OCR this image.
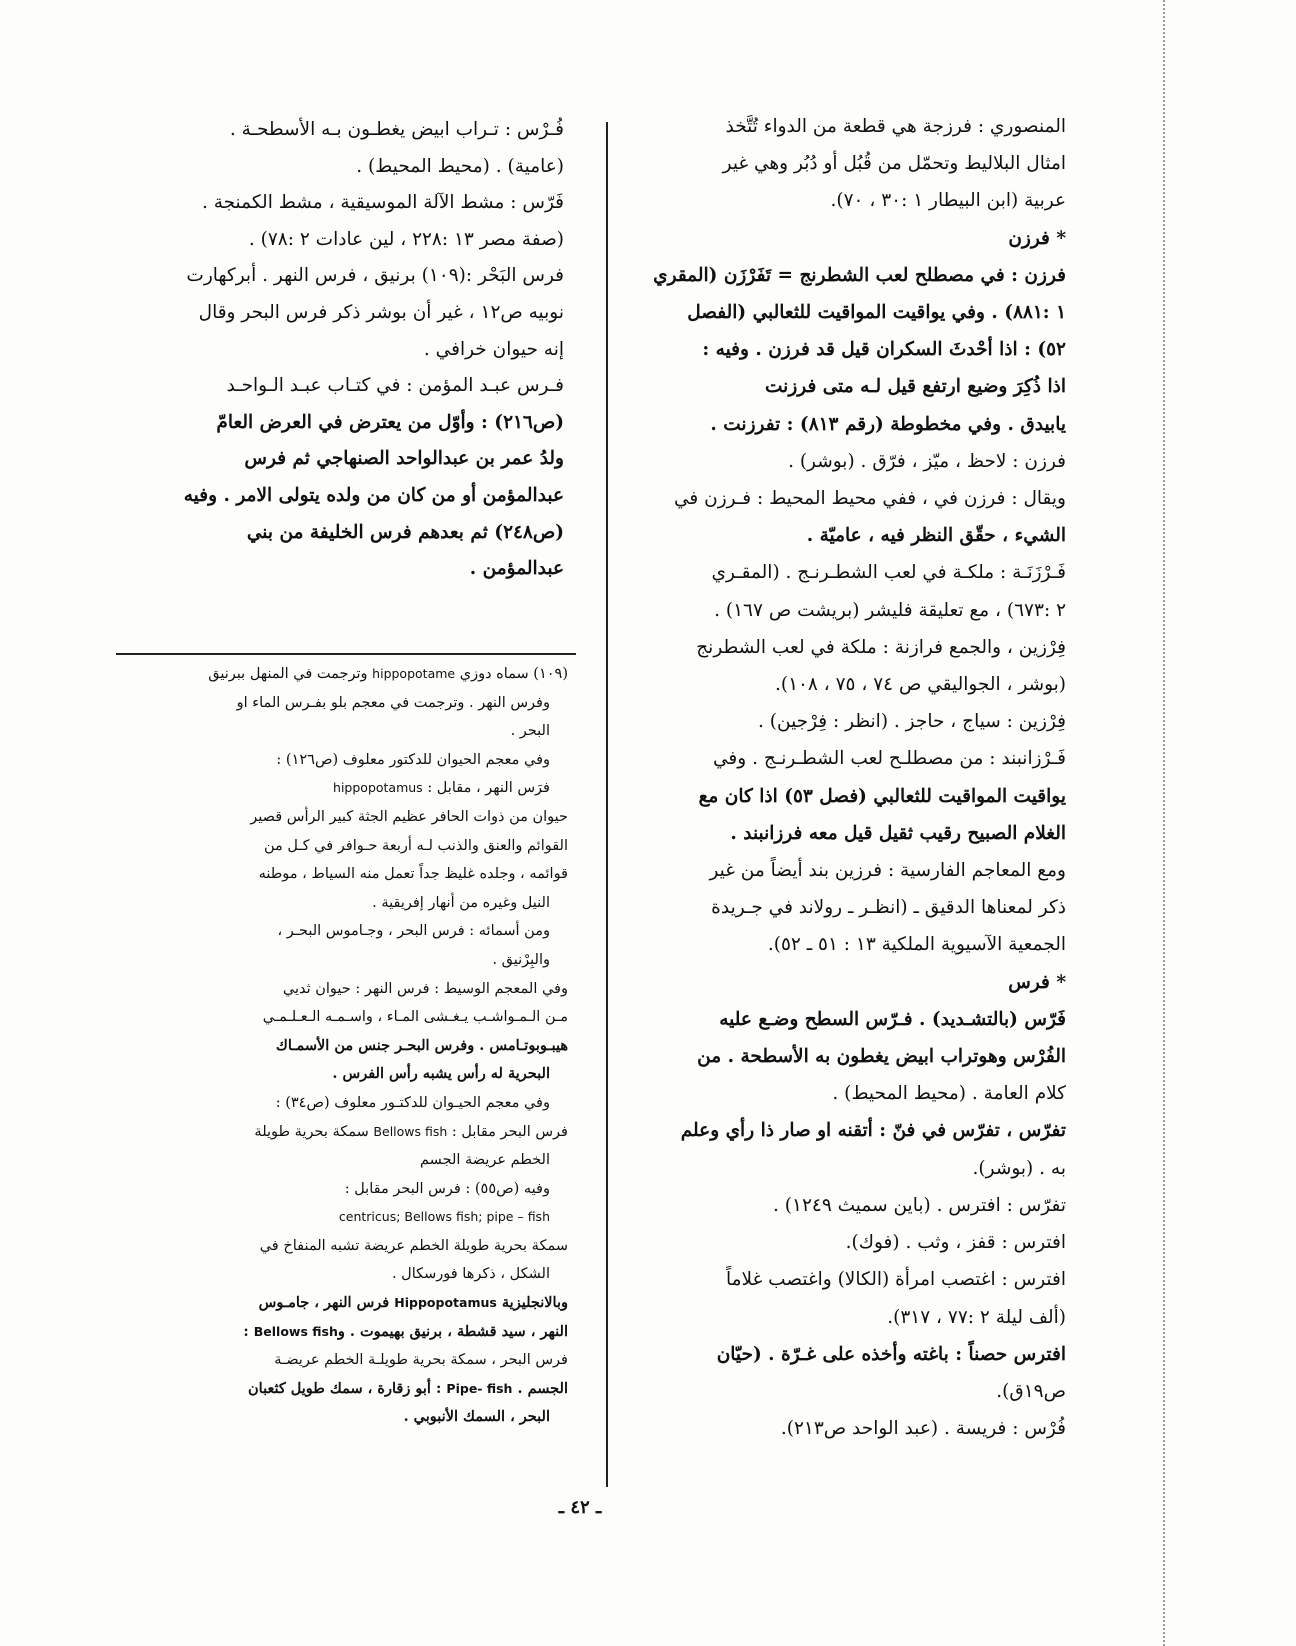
المنصوري : فرزجة هي قطعة من الدواء تُتَّخذ

امثال البلاليط وتحمّل من قُبُل أو دُبُر وهي غير

عربية (ابن البيطار ١ :٣٠ ، ٧٠).

* فرزن

فرزن : في مصطلح لعب الشطرنج = تَفَرْزَن (المقري

١ :٨٨١) . وفي يواقيت المواقيت للثعالبي (الفصل

٥٢) : اذا أحْدثَ السكران قيل قد فرزن . وفيه :

اذا ذُكِرَ وضيع ارتفع قيل لـه متى فرزنت

يابيدق . وفي مخطوطة (رقم ٨١٣) : تفرزنت .

فرزن : لاحظ ، ميّز ، فرّق . (بوشر) .

ويقال : فرزن في ، ففي محيط المحيط : فـرزن في

الشيء ، حقّق النظر فيه ، عاميّة .

فَـرْزَنَـة : ملكـة في لعب الشطـرنـج . (المقـري

٢ :٦٧٣) ، مع تعليقة فليشر (بريشت ص ١٦٧) .

فِرْزين ، والجمع فرازنة : ملكة في لعب الشطرنج

(بوشر ، الجواليقي ص ٧٤ ، ٧٥ ، ١٠٨).

فِرْزين : سياج ، حاجز . (انظر : فِرْجين) .

فَـرْزانبند : من مصطلـح لعب الشطـرنـج . وفي

يواقيت المواقيت للثعالبي (فصل ٥٣) اذا كان مع

الغلام الصبيح رقيب ثقيل قيل معه فرزانبند .

ومع المعاجم الفارسية : فرزين بند أيضاً من غير

ذكر لمعناها الدقيق ـ (انظـر ـ رولاند في جـريدة

الجمعية الآسيوية الملكية ١٣ : ٥١ ـ ٥٢).

* فرس

فَرّس (بالتشـديد) . فـرّس السطح وضـع عليه

الفُرْس وهوتراب ابيض يغطون به الأسطحة . من

كلام العامة . (محيط المحيط) .

تفرّس ، تفرّس في فنّ : أتقنه او صار ذا رأي وعلم

به . (بوشر).

تفرّس : افترس . (باين سميث ١٢٤٩) .

افترس : قفز ، وثب . (فوك).

افترس : اغتصب امرأة (الكالا) واغتصب غلاماً

(ألف ليلة ٢ :٧٧ ، ٣١٧).

افترس حصناً : باغته وأخذه على غـرّة . (حيّان

ص١٩ق).

فُرْس : فريسة . (عبد الواحد ص٢١٣).

فُـرْس : تـراب ابيض يغطـون بـه الأسطحـة .

(عامية) . (محيط المحيط) .

فَرّس : مشط الآلة الموسيقية ، مشط الكمنجة .

(صفة مصر ١٣ :٢٢٨ ، لين عادات ٢ :٧٨) .

فرس البَحْر :(١٠٩) برنيق ، فرس النهر . أبركهارت

نوبيه ص١٢ ، غير أن بوشر ذكر فرس البحر وقال

إنه حيوان خرافي .

فـرس عبـد المؤمن : في كتـاب عبـد الـواحـد

(ص٢١٦) : وأوّل من يعترض في العرض العامّ

ولدُ عمر بن عبدالواحد الصنهاجي ثم فرس

عبدالمؤمن أو من كان من ولده يتولى الامر . وفيه

(ص٢٤٨) ثم بعدهم فرس الخليفة من بني

عبدالمؤمن .

(١٠٩) سماه دوزي hippopotame وترجمت في المنهل ببرنيق

وفرس النهر . وترجمت في معجم بلو بفـرس الماء او

البحر .

وفي معجم الحيوان للدكتور معلوف (ص١٢٦) :

فرَس النهر ، مقابل : hippopotamus

حيوان من ذوات الحافر عظيم الجثة كبير الرأس قصير

القوائم والعنق والذنب لـه أربعة حـوافر في كـل من

قوائمه ، وجلده غليظ جداً تعمل منه السياط ، موطنه

النيل وغيره من أنهار إفريقية .

ومن أسمائه : فرس البحر ، وجـاموس البحـر ،

والبِرْنيق .

وفي المعجم الوسيط : فرس النهر : حيوان ثديي

مـن الـمـواشـب يـغـشى المـاء ، واسـمـه الـعـلـمـي

هيبـوبوتـامس . وفرس البحـر جنس من الأسمـاك

البحرية له رأس يشبه رأس الفرس .

وفي معجم الحيـوان للدكتـور معلوف (ص٣٤) :

فرس البحر مقابل : Bellows fish سمكة بحرية طويلة

الخطم عريضة الجسم

وفيه (ص٥٥) : فرس البحر مقابل :

centricus; Bellows fish; pipe – fish

سمكة بحرية طويلة الخطم عريضة تشبه المنفاخ في

الشكل ، ذكرها فورسكال .

وبالانجليزية Hippopotamus فرس النهر ، جامـوس

النهر ، سيد قشطة ، برنيق بهيموت . وBellows fish :

فرس البحر ، سمكة بحرية طويلـة الخطم عريضـة

الجسم . Pipe- fish : أبو زقارة ، سمك طويل كثعبان

البحر ، السمك الأنبوبي .

ـ ٤٢ ـ
